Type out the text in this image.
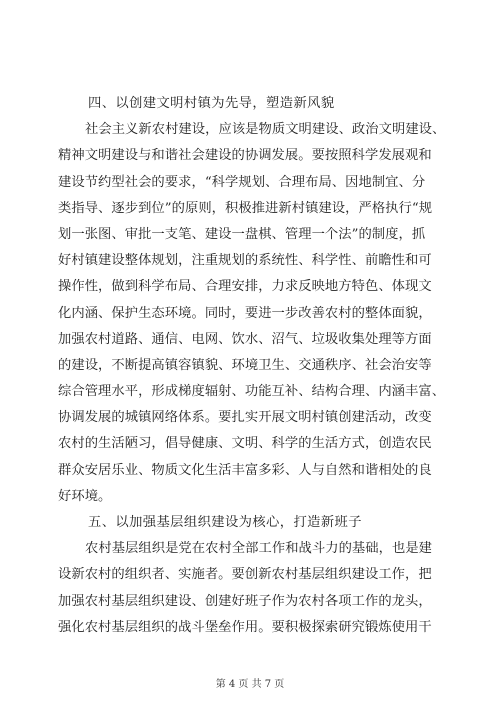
四、以创建文明村镇为先导，塑造新风貌
社会主义新农村建设，应该是物质文明建设、政治文明建设、
精神文明建设与和谐社会建设的协调发展。要按照科学发展观和
建设节约型社会的要求，“科学规划、合理布局、因地制宜、分
类指导、逐步到位”的原则，积极推进新村镇建设，严格执行“规
划一张图、审批一支笔、建设一盘棋、管理一个法”的制度，抓
好村镇建设整体规划，注重规划的系统性、科学性、前瞻性和可
操作性，做到科学布局、合理安排，力求反映地方特色、体现文
化内涵、保护生态环境。同时，要进一步改善农村的整体面貌，
加强农村道路、通信、电网、饮水、沼气、垃圾收集处理等方面
的建设，不断提高镇容镇貌、环境卫生、交通秩序、社会治安等
综合管理水平，形成梯度辐射、功能互补、结构合理、内涵丰富、
协调发展的城镇网络体系。要扎实开展文明村镇创建活动，改变
农村的生活陋习，倡导健康、文明、科学的生活方式，创造农民
群众安居乐业、物质文化生活丰富多彩、人与自然和谐相处的良
好环境。
五、以加强基层组织建设为核心，打造新班子
农村基层组织是党在农村全部工作和战斗力的基础，也是建
设新农村的组织者、实施者。要创新农村基层组织建设工作，把
加强农村基层组织建设、创建好班子作为农村各项工作的龙头，
强化农村基层组织的战斗堡垒作用。要积极探索研究锻炼使用干
第 4 页 共 7 页
